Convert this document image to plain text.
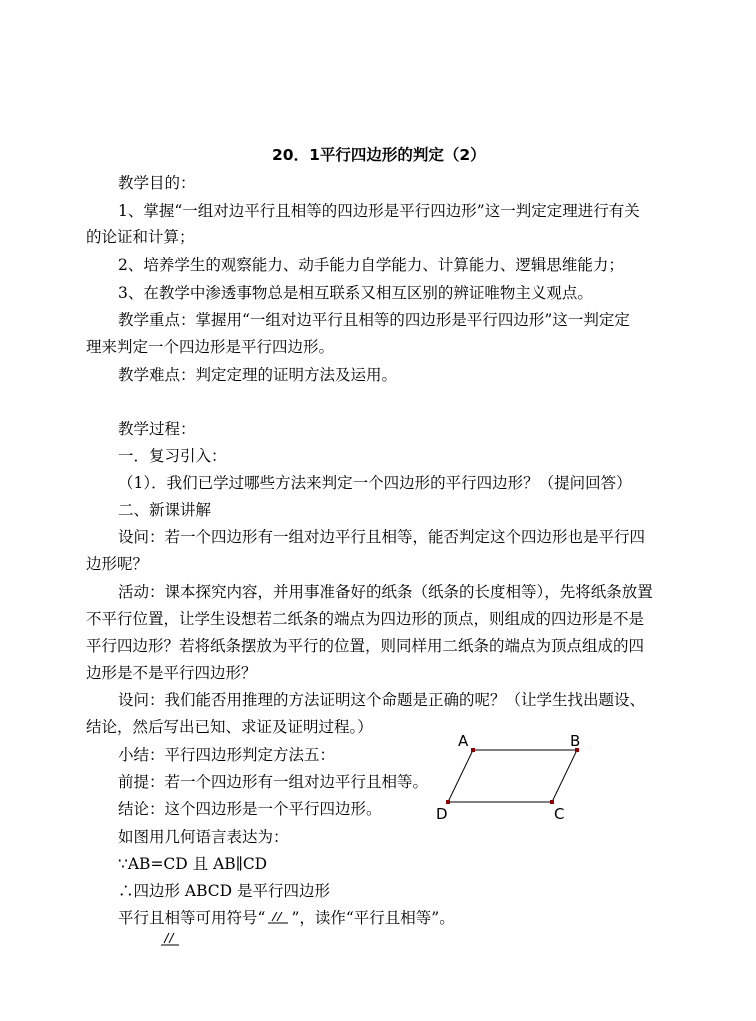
20．1平行四边形的判定（2）
教学目的：
1、掌握“一组对边平行且相等的四边形是平行四边形”这一判定定理进行有关
的论证和计算；
2、培养学生的观察能力、动手能力自学能力、计算能力、逻辑思维能力；
3、在教学中渗透事物总是相互联系又相互区别的辨证唯物主义观点。
教学重点：掌握用“一组对边平行且相等的四边形是平行四边形”这一判定定
理来判定一个四边形是平行四边形。
教学难点：判定定理的证明方法及运用。
教学过程：
一．复习引入：
（1）．我们已学过哪些方法来判定一个四边形的平行四边形？（提问回答）
二、新课讲解
设问：若一个四边形有一组对边平行且相等，能否判定这个四边形也是平行四
边形呢？
活动：课本探究内容，并用事准备好的纸条（纸条的长度相等），先将纸条放置
不平行位置，让学生设想若二纸条的端点为四边形的顶点，则组成的四边形是不是
平行四边形？若将纸条摆放为平行的位置，则同样用二纸条的端点为顶点组成的四
边形是不是平行四边形？
设问：我们能否用推理的方法证明这个命题是正确的呢？（让学生找出题设、
结论，然后写出已知、求证及证明过程。）
小结：平行四边形判定方法五：
前提：若一个四边形有一组对边平行且相等。
结论：这个四边形是一个平行四边形。
如图用几何语言表达为：
∵AB=CD 且 AB∥CD
∴四边形 ABCD 是平行四边形
平行且相等可用符号“ ”，读作“平行且相等”。
A	B
C
D
